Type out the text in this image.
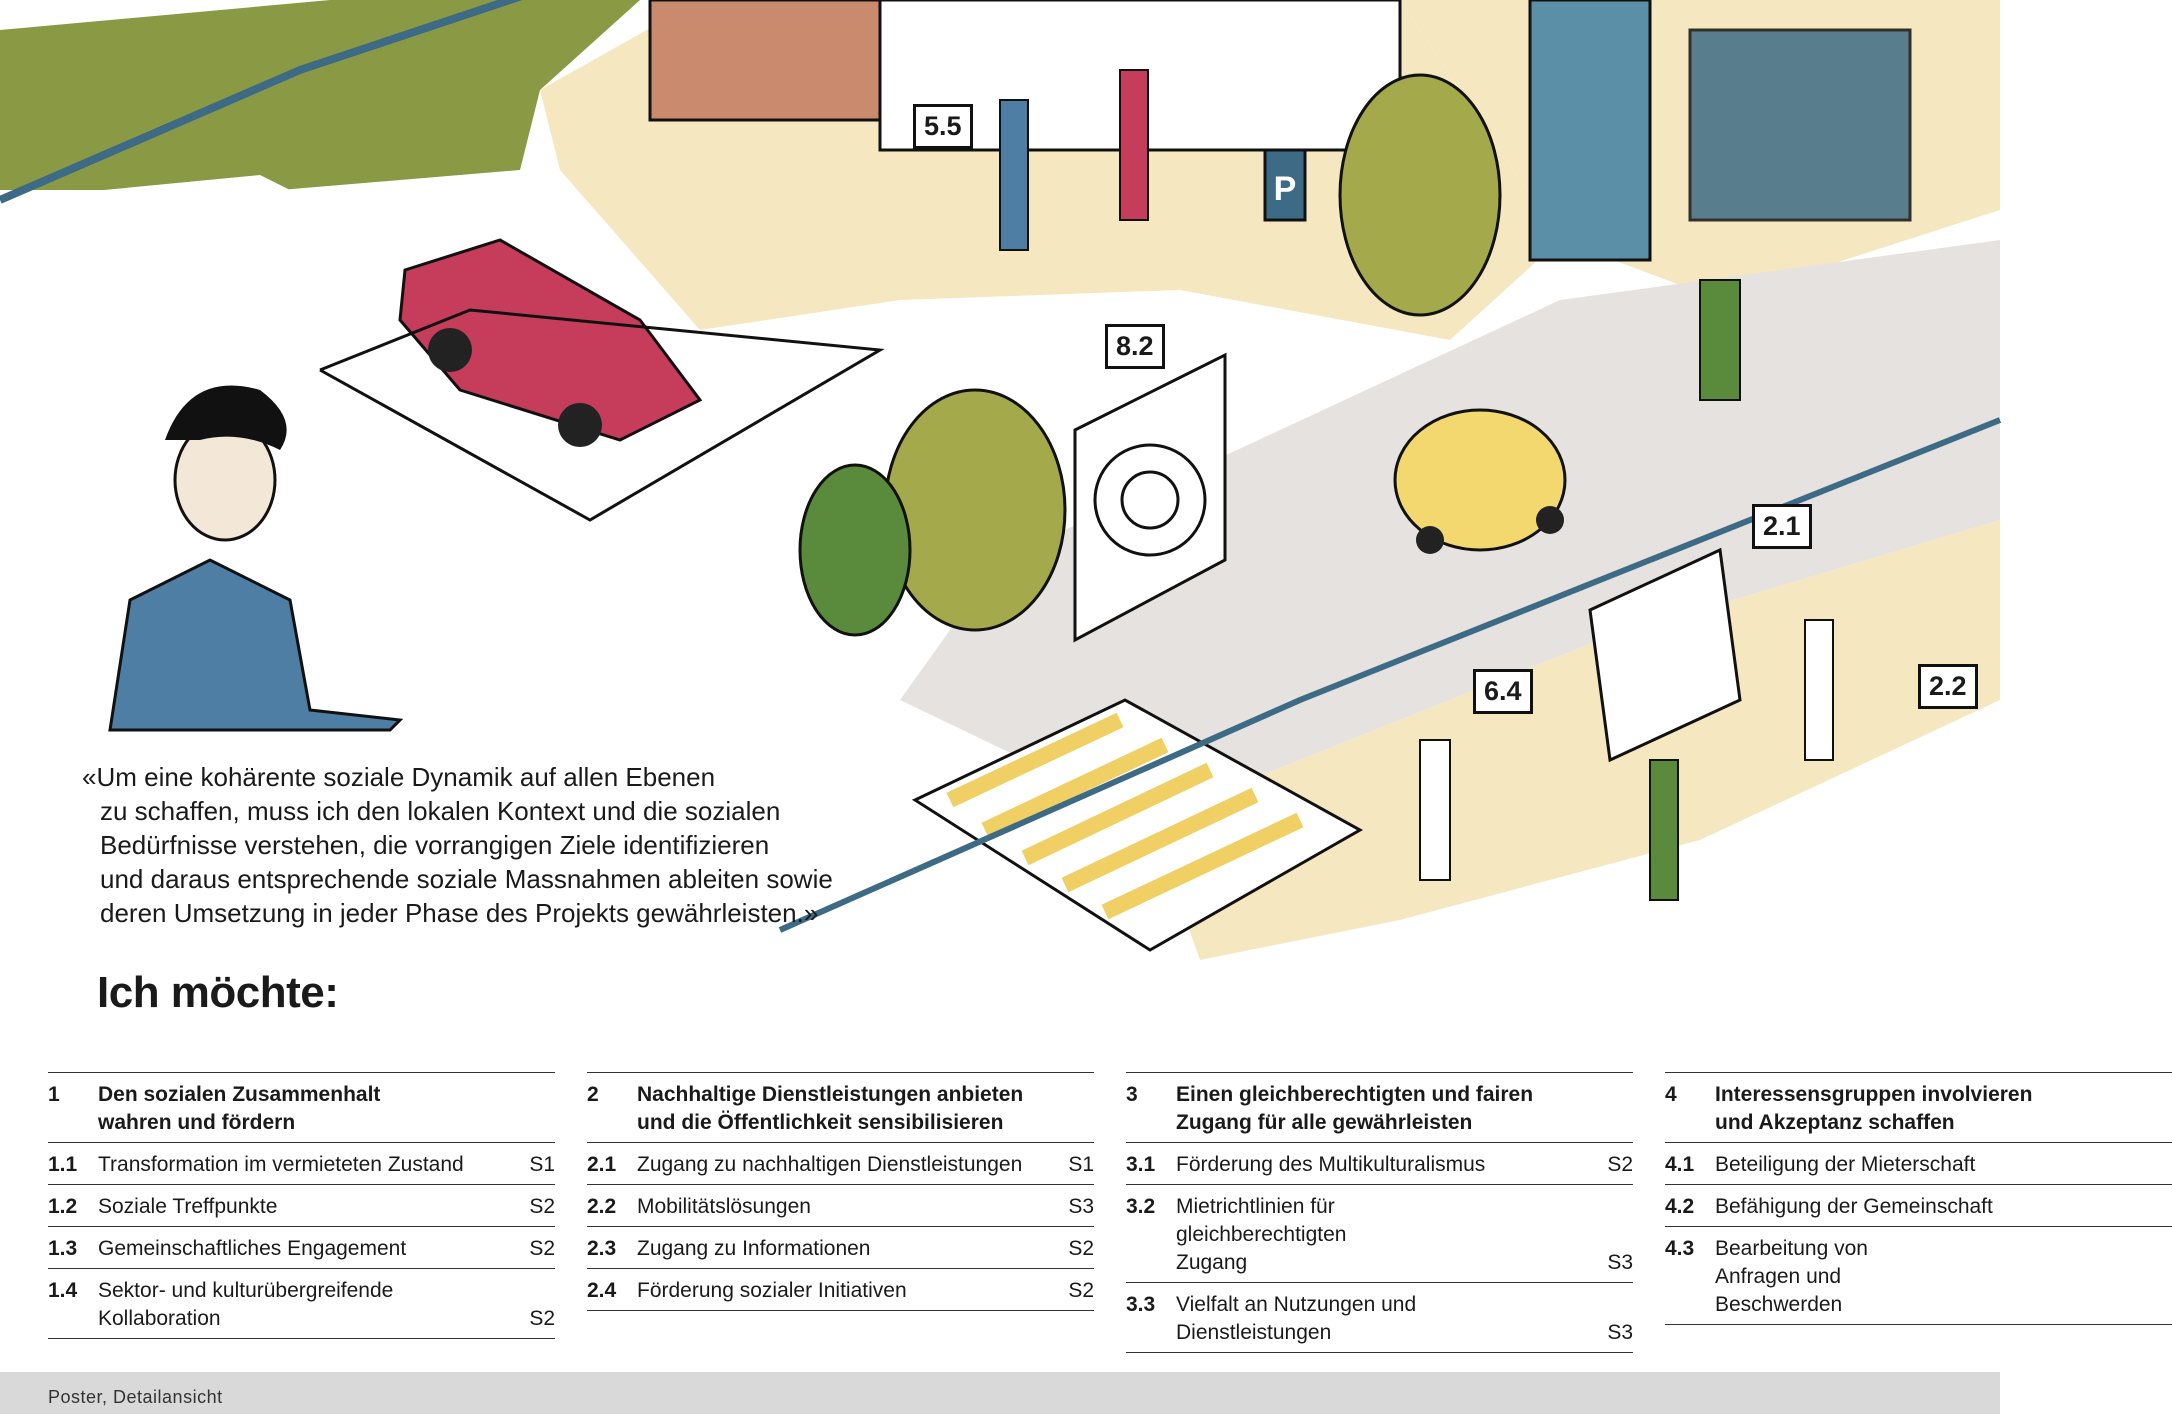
P
5.5
8.2
2.1
6.4	2.2
«Um eine kohärente soziale Dynamik auf allen Ebenen
zu schaffen, muss ich den lokalen Kontext und die sozialen
Bedürfnisse verstehen, die vorrangigen Ziele identifizieren
und daraus entsprechende soziale Massnahmen ableiten sowie
deren Umsetzung in jeder Phase des Projekts gewährleisten.»
Ich möchte:
1	Den sozialen Zusammenhalt
wahren und fördern
1.1 Transformation im vermieteten Zustand	S1
1.2 Soziale Treffpunkte	S2
1.3 Gemeinschaftliches Engagement	S2
1.4 Sektor- und kulturübergreifende Kollaboration	S2
2	Nachhaltige Dienstleistungen anbieten
und die Öffentlichkeit sensibilisieren
2.1 Zugang zu nachhaltigen Dienstleistungen	S1
2.2 Mobilitätslösungen	S3
2.3 Zugang zu Informationen	S2
2.4 Förderung sozialer Initiativen	S2
3	Einen gleichberechtigten und fairen
Zugang für alle gewährleisten
3.1 Förderung des Multikulturalismus	S2
3.2 Mietrichtlinien für gleichberechtigten Zugang	S3
3.3 Vielfalt an Nutzungen und Dienstleistungen	S3
4	Interessensgruppen involvieren
und Akzeptanz schaffen
4.1 Beteiligung der Mieterschaft
4.2 Befähigung der Gemeinschaft
4.3 Bearbeitung von Anfragen und Beschwerden
Poster, Detailansicht
